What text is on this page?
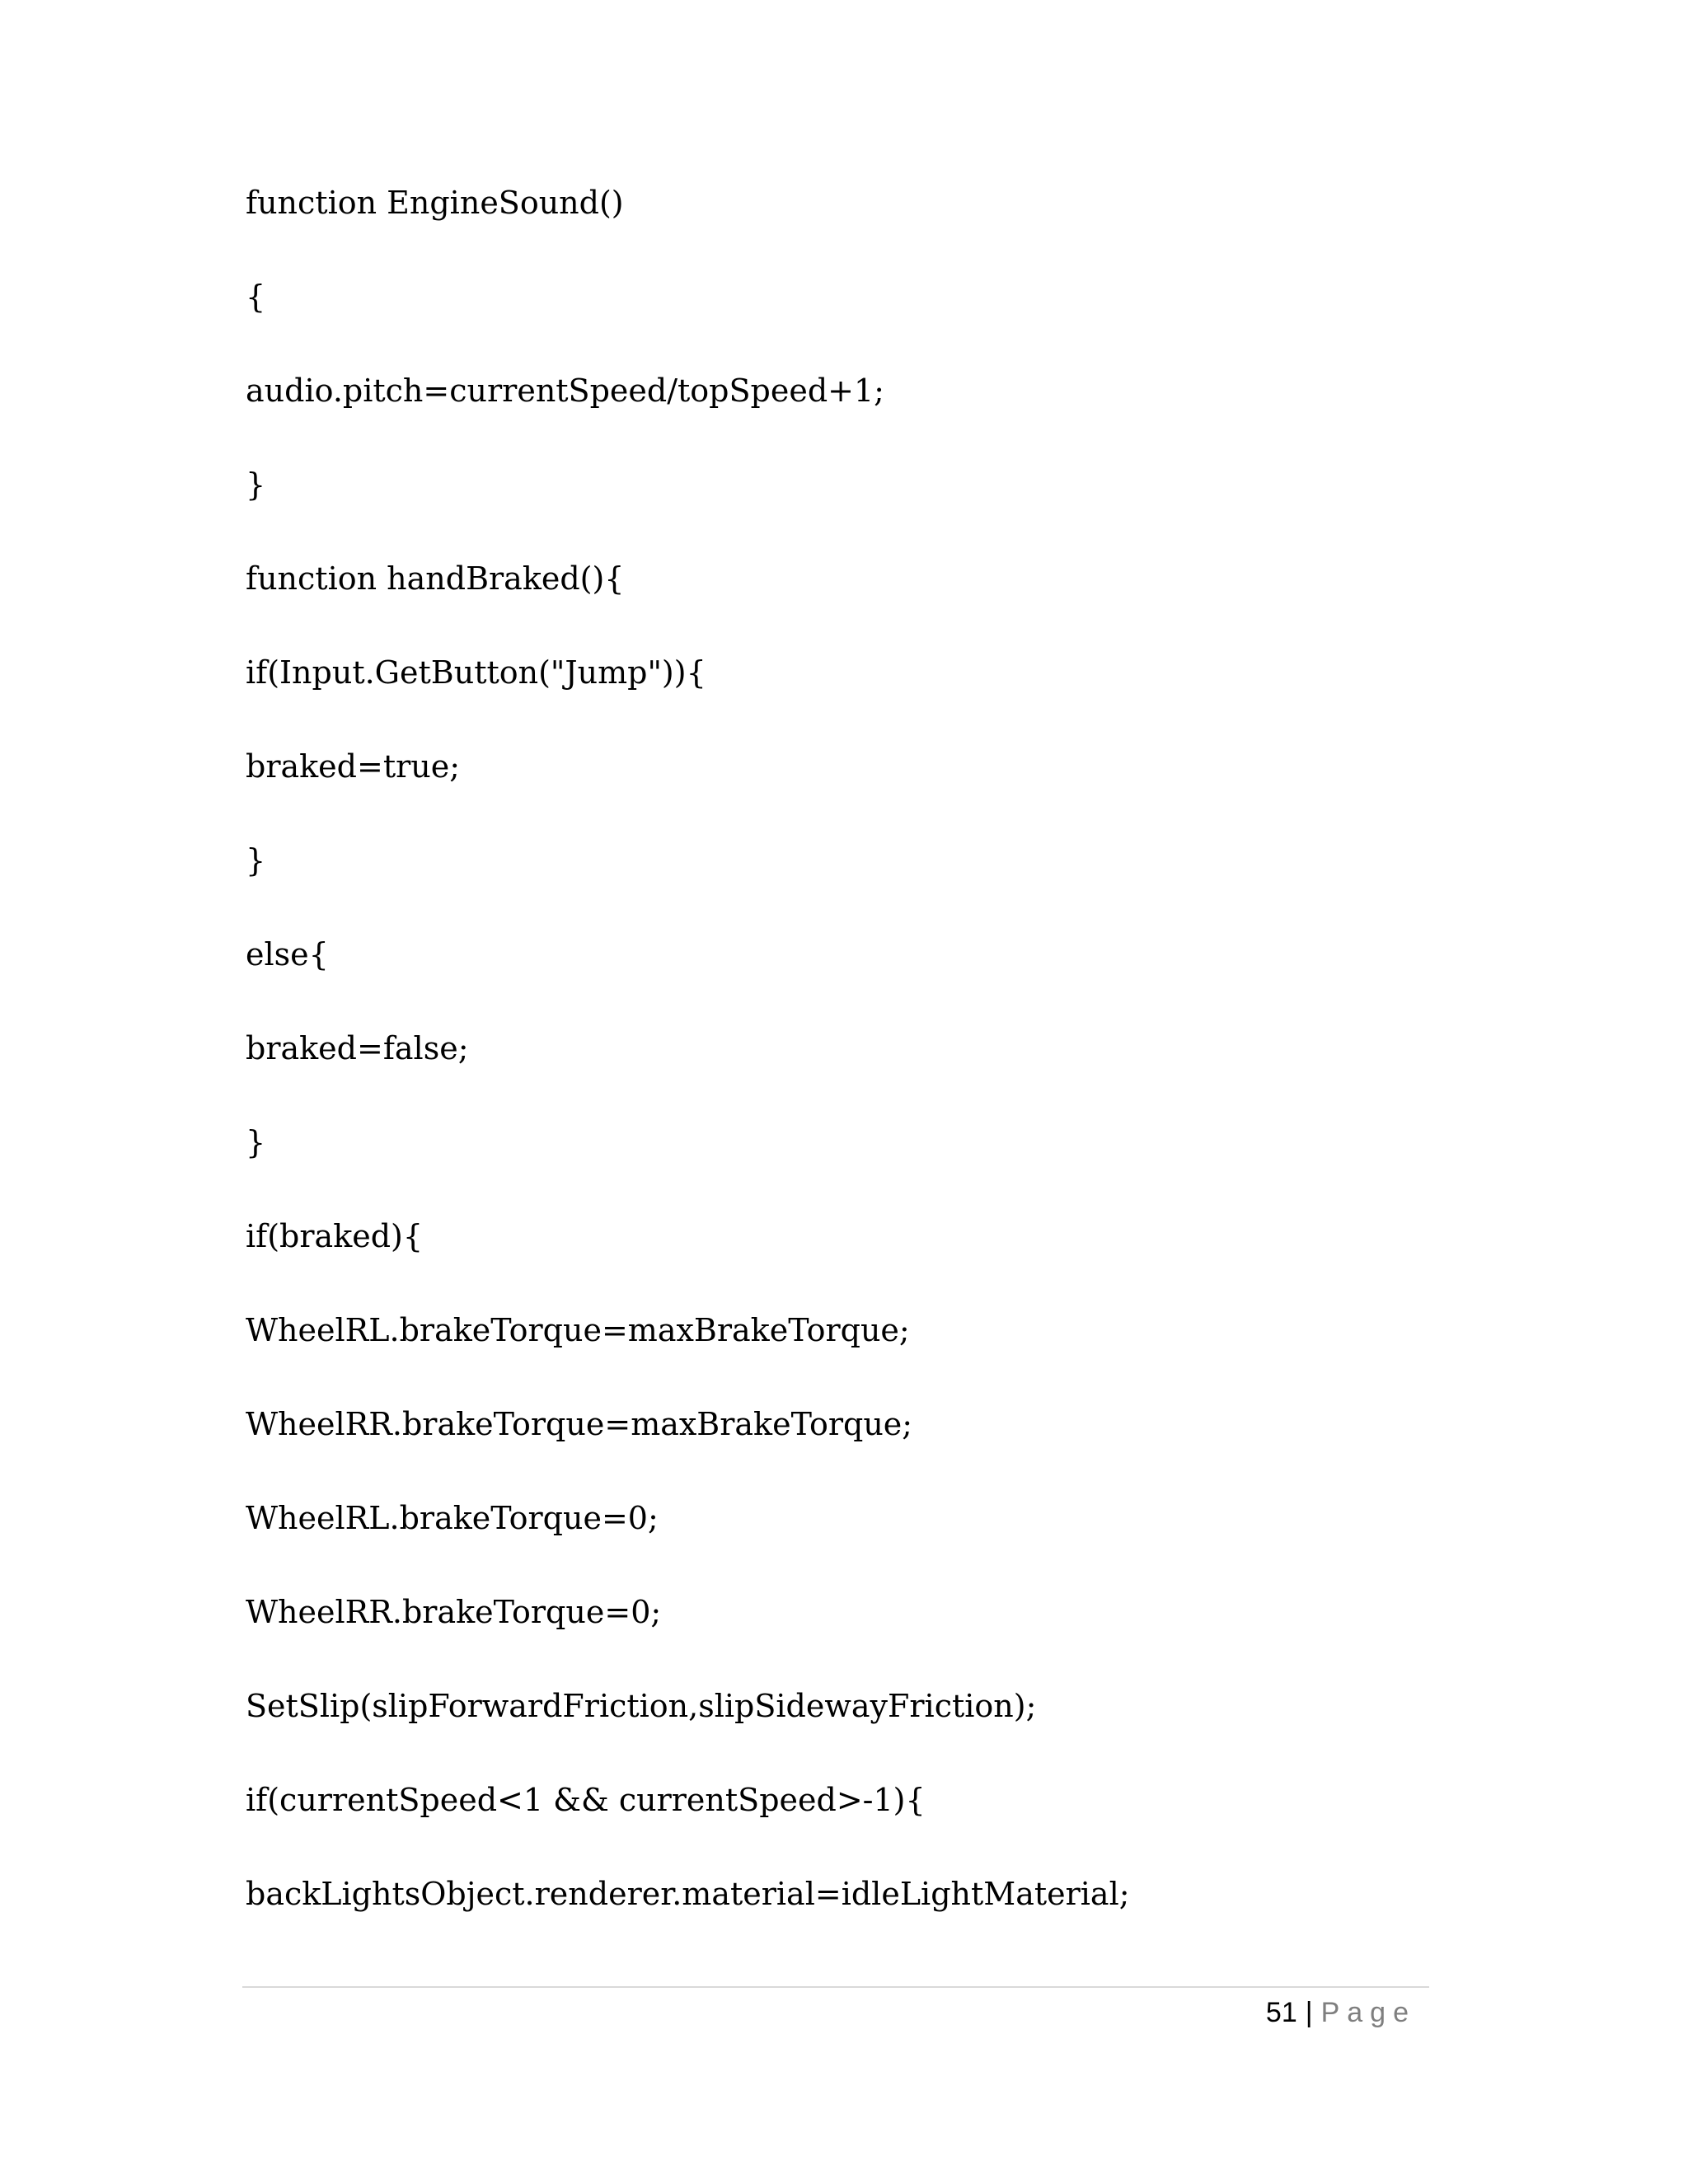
function EngineSound()
{
audio.pitch=currentSpeed/topSpeed+1;
}
function handBraked(){
if(Input.GetButton("Jump")){
braked=true;
}
else{
braked=false;
}
if(braked){
WheelRL.brakeTorque=maxBrakeTorque;
WheelRR.brakeTorque=maxBrakeTorque;
WheelRL.brakeTorque=0;
WheelRR.brakeTorque=0;
SetSlip(slipForwardFriction,slipSidewayFriction);
if(currentSpeed<1 && currentSpeed>-1){
backLightsObject.renderer.material=idleLightMaterial;
51 | Page
